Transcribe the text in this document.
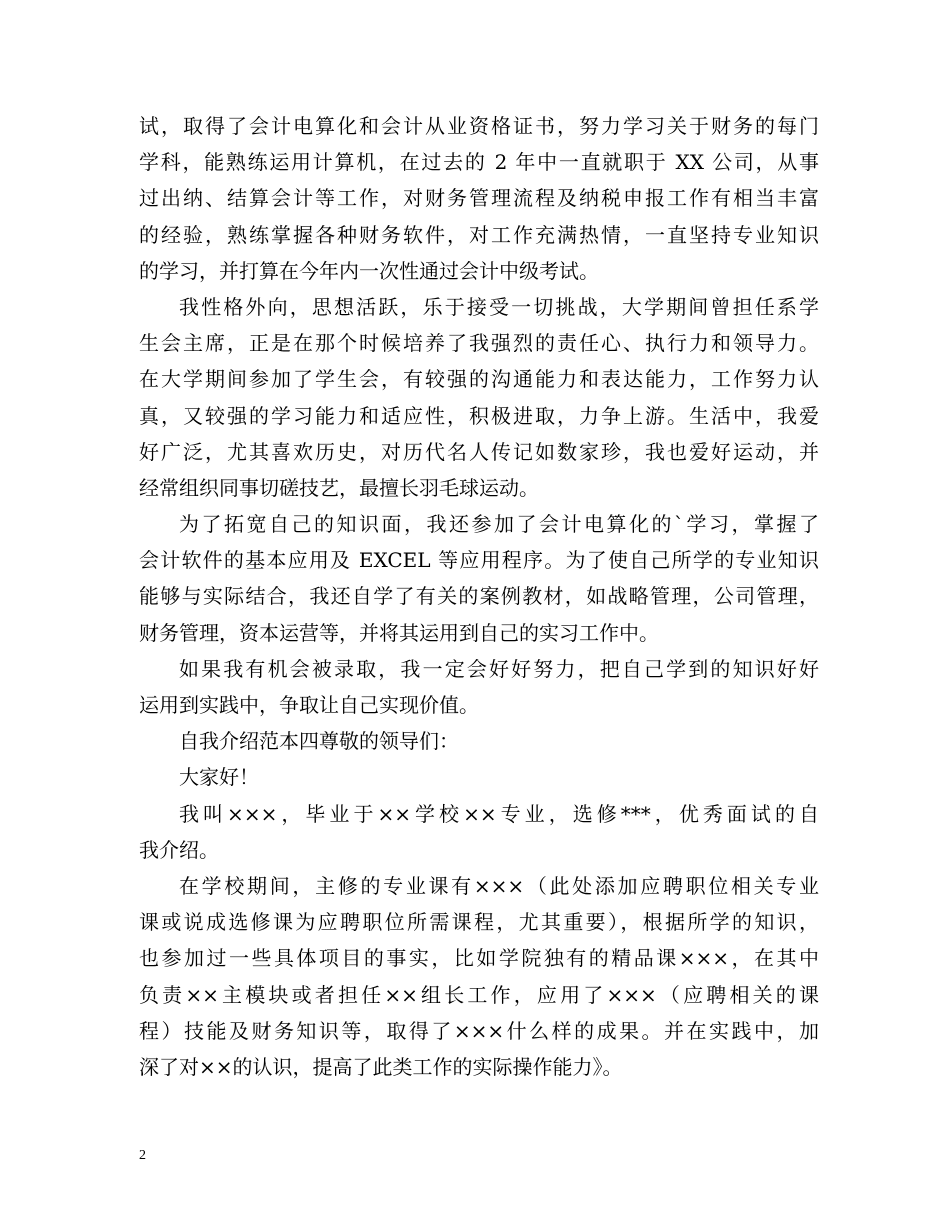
试，取得了会计电算化和会计从业资格证书，努力学习关于财务的每门
学科，能熟练运用计算机，在过去的 2 年中一直就职于 XX 公司，从事
过出纳、结算会计等工作，对财务管理流程及纳税申报工作有相当丰富
的经验，熟练掌握各种财务软件，对工作充满热情，一直坚持专业知识
的学习，并打算在今年内一次性通过会计中级考试。
我性格外向，思想活跃，乐于接受一切挑战，大学期间曾担任系学
生会主席，正是在那个时候培养了我强烈的责任心、执行力和领导力。
在大学期间参加了学生会，有较强的沟通能力和表达能力，工作努力认
真，又较强的学习能力和适应性，积极进取，力争上游。生活中，我爱
好广泛，尤其喜欢历史，对历代名人传记如数家珍，我也爱好运动，并
经常组织同事切磋技艺，最擅长羽毛球运动。
为了拓宽自己的知识面，我还参加了会计电算化的`学习，掌握了
会计软件的基本应用及 EXCEL 等应用程序。为了使自己所学的专业知识
能够与实际结合，我还自学了有关的案例教材，如战略管理，公司管理，
财务管理，资本运营等，并将其运用到自己的实习工作中。
如果我有机会被录取，我一定会好好努力，把自己学到的知识好好
运用到实践中，争取让自己实现价值。
自我介绍范本四尊敬的领导们：
大家好！
我叫×××，毕业于××学校××专业，选修***，优秀面试的自
我介绍。
在学校期间，主修的专业课有×××（此处添加应聘职位相关专业
课或说成选修课为应聘职位所需课程，尤其重要），根据所学的知识，
也参加过一些具体项目的事实，比如学院独有的精品课×××，在其中
负责××主模块或者担任××组长工作，应用了×××（应聘相关的课
程）技能及财务知识等，取得了×××什么样的成果。并在实践中，加
深了对××的认识，提高了此类工作的实际操作能力》。
2
